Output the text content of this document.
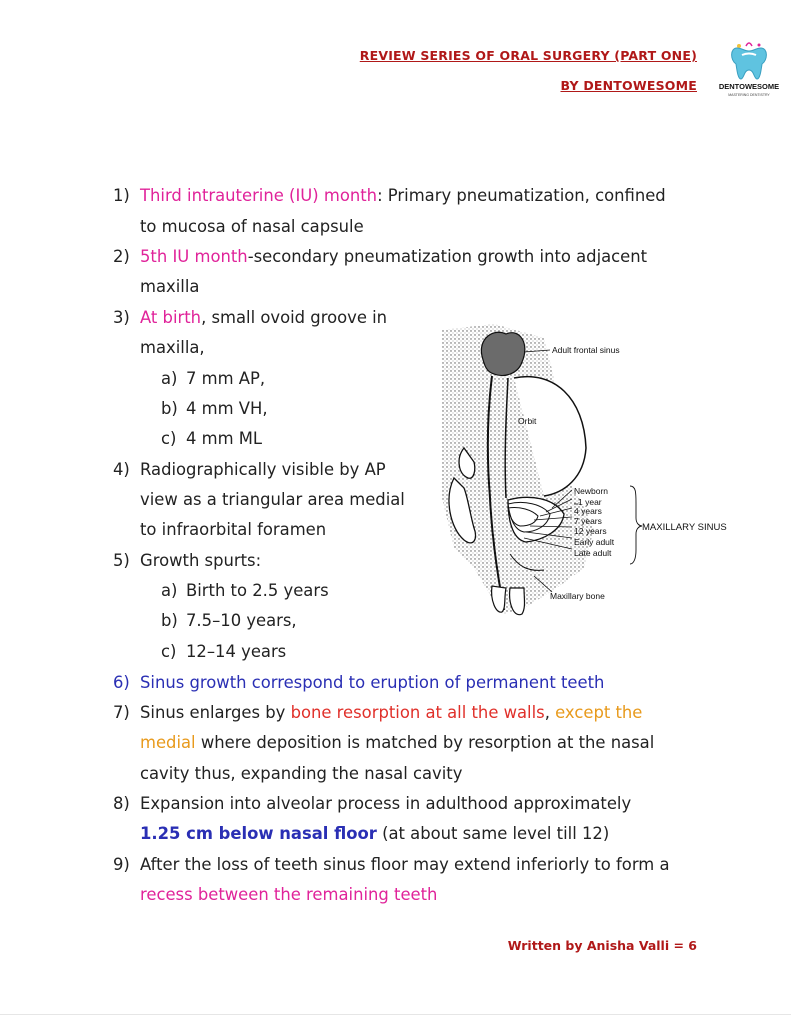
REVIEW SERIES OF ORAL SURGERY (PART ONE)
BY DENTOWESOME	DENTOWESOME
MASTERING DENTISTRY
1) Third intrauterine (IU) month: Primary pneumatization, confined
to mucosa of nasal capsule
2) 5th IU month-secondary pneumatization growth into adjacent
maxilla
3) At birth, small ovoid groove in
maxilla,
a) 7 mm AP,
b) 4 mm VH,
c) 4 mm ML
4) Radiographically visible by AP
view as a triangular area medial
to infraorbital foramen
5) Growth spurts:
a) Birth to 2.5 years
b) 7.5–10 years,
c) 12–14 years
6) Sinus growth correspond to eruption of permanent teeth
7) Sinus enlarges by bone resorption at all the walls, except the
medial where deposition is matched by resorption at the nasal
cavity thus, expanding the nasal cavity
8) Expansion into alveolar process in adulthood approximately
1.25 cm below nasal floor (at about same level till 12)
9) After the loss of teeth sinus floor may extend inferiorly to form a
recess between the remaining teeth
Adult frontal sinus
Orbit
Newborn
1 year
4 years
7 years
12 years
Early adult
Late adult
Maxillary bone
MAXILLARY SINUS
Written by Anisha Valli = 6
